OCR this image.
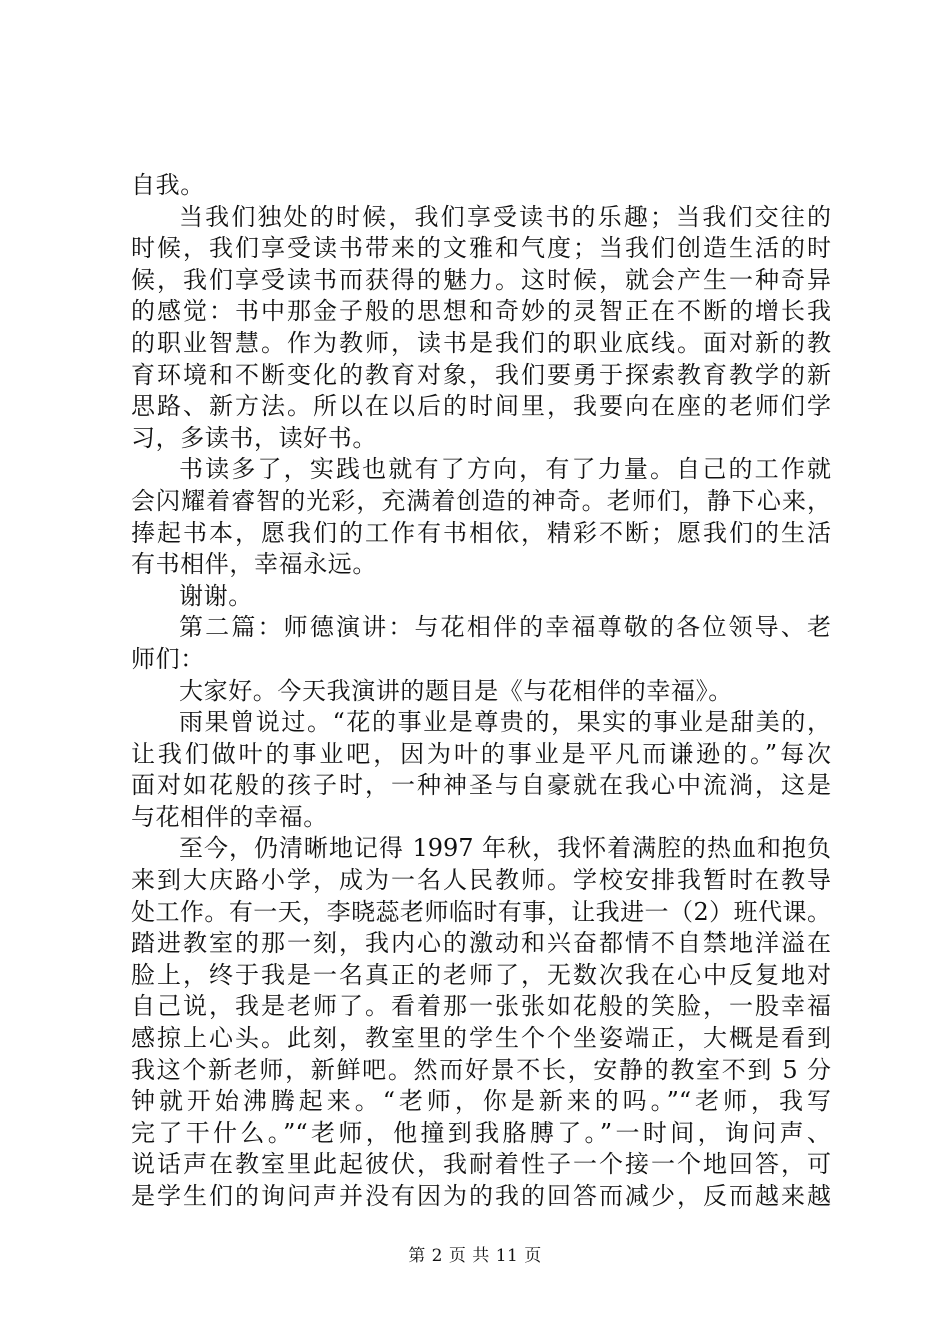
自我。
当我们独处的时候，我们享受读书的乐趣；当我们交往的
时候，我们享受读书带来的文雅和气度；当我们创造生活的时
候，我们享受读书而获得的魅力。这时候，就会产生一种奇异
的感觉：书中那金子般的思想和奇妙的灵智正在不断的增长我
的职业智慧。作为教师，读书是我们的职业底线。面对新的教
育环境和不断变化的教育对象，我们要勇于探索教育教学的新
思路、新方法。所以在以后的时间里，我要向在座的老师们学
习，多读书，读好书。
书读多了，实践也就有了方向，有了力量。自己的工作就
会闪耀着睿智的光彩，充满着创造的神奇。老师们，静下心来，
捧起书本，愿我们的工作有书相依，精彩不断；愿我们的生活
有书相伴，幸福永远。
谢谢。
第二篇：师德演讲：与花相伴的幸福尊敬的各位领导、老
师们：
大家好。今天我演讲的题目是《与花相伴的幸福》。
雨果曾说过。“花的事业是尊贵的，果实的事业是甜美的，
让我们做叶的事业吧，因为叶的事业是平凡而谦逊的。”每次
面对如花般的孩子时，一种神圣与自豪就在我心中流淌，这是
与花相伴的幸福。
至今，仍清晰地记得 1997 年秋，我怀着满腔的热血和抱负
来到大庆路小学，成为一名人民教师。学校安排我暂时在教导
处工作。有一天，李晓蕊老师临时有事，让我进一（2）班代课。
踏进教室的那一刻，我内心的激动和兴奋都情不自禁地洋溢在
脸上，终于我是一名真正的老师了，无数次我在心中反复地对
自己说，我是老师了。看着那一张张如花般的笑脸，一股幸福
感掠上心头。此刻，教室里的学生个个坐姿端正，大概是看到
我这个新老师，新鲜吧。然而好景不长，安静的教室不到 5 分
钟就开始沸腾起来。“老师，你是新来的吗。”“老师，我写
完了干什么。”“老师，他撞到我胳膊了。”一时间，询问声、
说话声在教室里此起彼伏，我耐着性子一个接一个地回答，可
是学生们的询问声并没有因为的我的回答而减少，反而越来越
第 2 页 共 11 页
